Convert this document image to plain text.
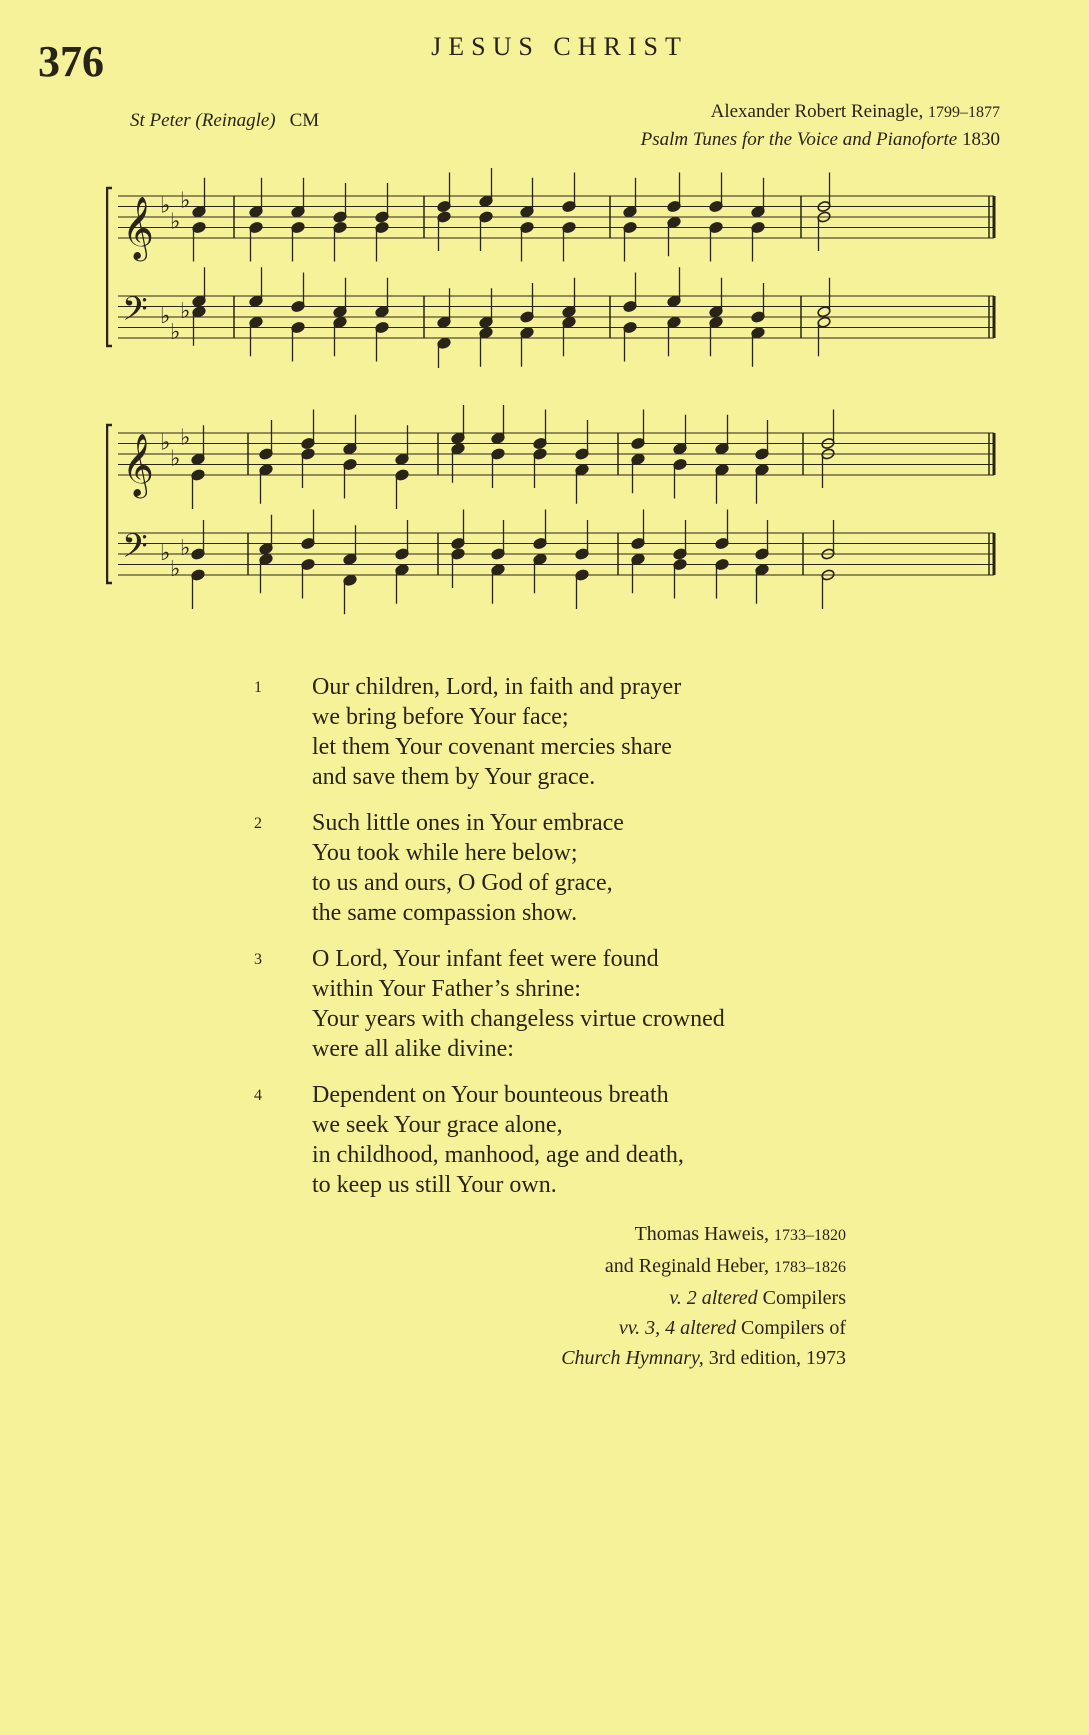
376	JESUS CHRIST
St Peter (Reinagle) CM	Alexander Robert Reinagle, 1799–1877
Psalm Tunes for the Voice and Pianoforte 1830
𝄞 ♭
♭
♭
𝄢 ♭
♭
♭
𝄞 ♭
♭
♭
𝄢 ♭
♭
♭
1	Our children, Lord, in faith and prayer
we bring before Your face;
let them Your covenant mercies share
and save them by Your grace.
2	Such little ones in Your embrace
You took while here below;
to us and ours, O God of grace,
the same compassion show.
3	O Lord, Your infant feet were found
within Your Father’s shrine:
Your years with changeless virtue crowned
were all alike divine:
4	Dependent on Your bounteous breath
we seek Your grace alone,
in childhood, manhood, age and death,
to keep us still Your own.
Thomas Haweis, 1733–1820
and Reginald Heber, 1783–1826
v. 2 altered Compilers
vv. 3, 4 altered Compilers of
Church Hymnary, 3rd edition, 1973
